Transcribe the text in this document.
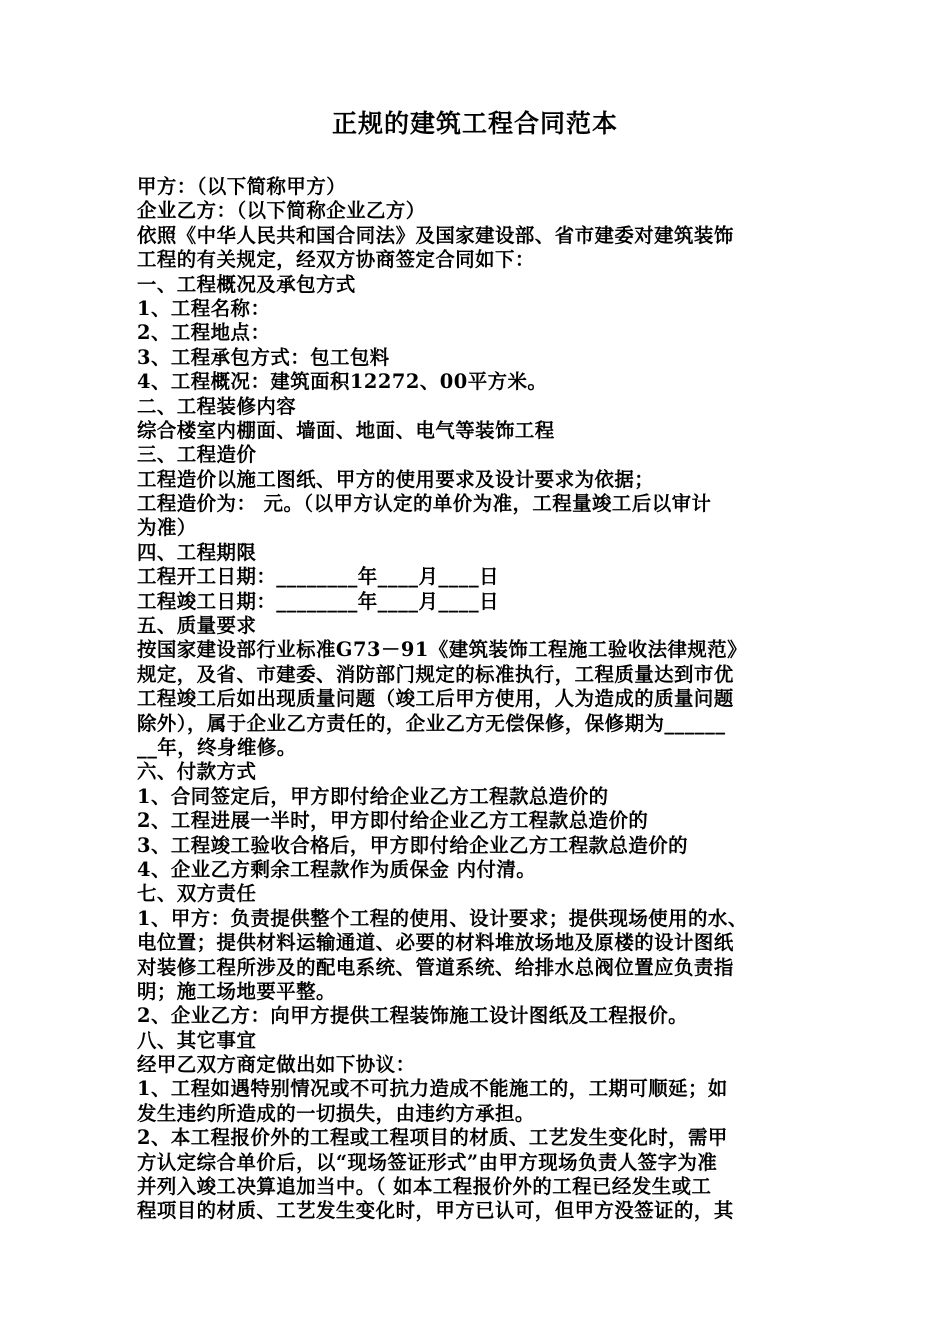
正规的建筑工程合同范本
甲方：（以下简称甲方）
企业乙方：（以下简称企业乙方）
依照《中华人民共和国合同法》及国家建设部、省市建委对建筑装饰
工程的有关规定，经双方协商签定合同如下：
一、工程概况及承包方式
1、工程名称：
2、工程地点：
3、工程承包方式：包工包料
4、工程概况：建筑面积12272、00平方米。
二、工程装修内容
综合楼室内棚面、墙面、地面、电气等装饰工程
三、工程造价
工程造价以施工图纸、甲方的使用要求及设计要求为依据；
工程造价为： 元。（以甲方认定的单价为准，工程量竣工后以审计
为准）
四、工程期限
工程开工日期：________年____月____日
工程竣工日期：________年____月____日
五、质量要求
按国家建设部行业标准G73－91《建筑装饰工程施工验收法律规范》
规定，及省、市建委、消防部门规定的标准执行，工程质量达到市优
工程竣工后如出现质量问题（竣工后甲方使用，人为造成的质量问题
除外），属于企业乙方责任的，企业乙方无偿保修，保修期为______
__年，终身维修。
六、付款方式
1、合同签定后，甲方即付给企业乙方工程款总造价的
2、工程进展一半时，甲方即付给企业乙方工程款总造价的
3、工程竣工验收合格后，甲方即付给企业乙方工程款总造价的
4、企业乙方剩余工程款作为质保金 内付清。
七、双方责任
1、甲方：负责提供整个工程的使用、设计要求；提供现场使用的水、
电位置；提供材料运输通道、必要的材料堆放场地及原楼的设计图纸
对装修工程所涉及的配电系统、管道系统、给排水总阀位置应负责指
明；施工场地要平整。
2、企业乙方：向甲方提供工程装饰施工设计图纸及工程报价。
八、其它事宜
经甲乙双方商定做出如下协议：
1、工程如遇特别情况或不可抗力造成不能施工的，工期可顺延；如
发生违约所造成的一切损失，由违约方承担。
2、本工程报价外的工程或工程项目的材质、工艺发生变化时，需甲
方认定综合单价后，以“现场签证形式”由甲方现场负责人签字为准
并列入竣工决算追加当中。（ 如本工程报价外的工程已经发生或工
程项目的材质、工艺发生变化时，甲方已认可，但甲方没签证的，其
